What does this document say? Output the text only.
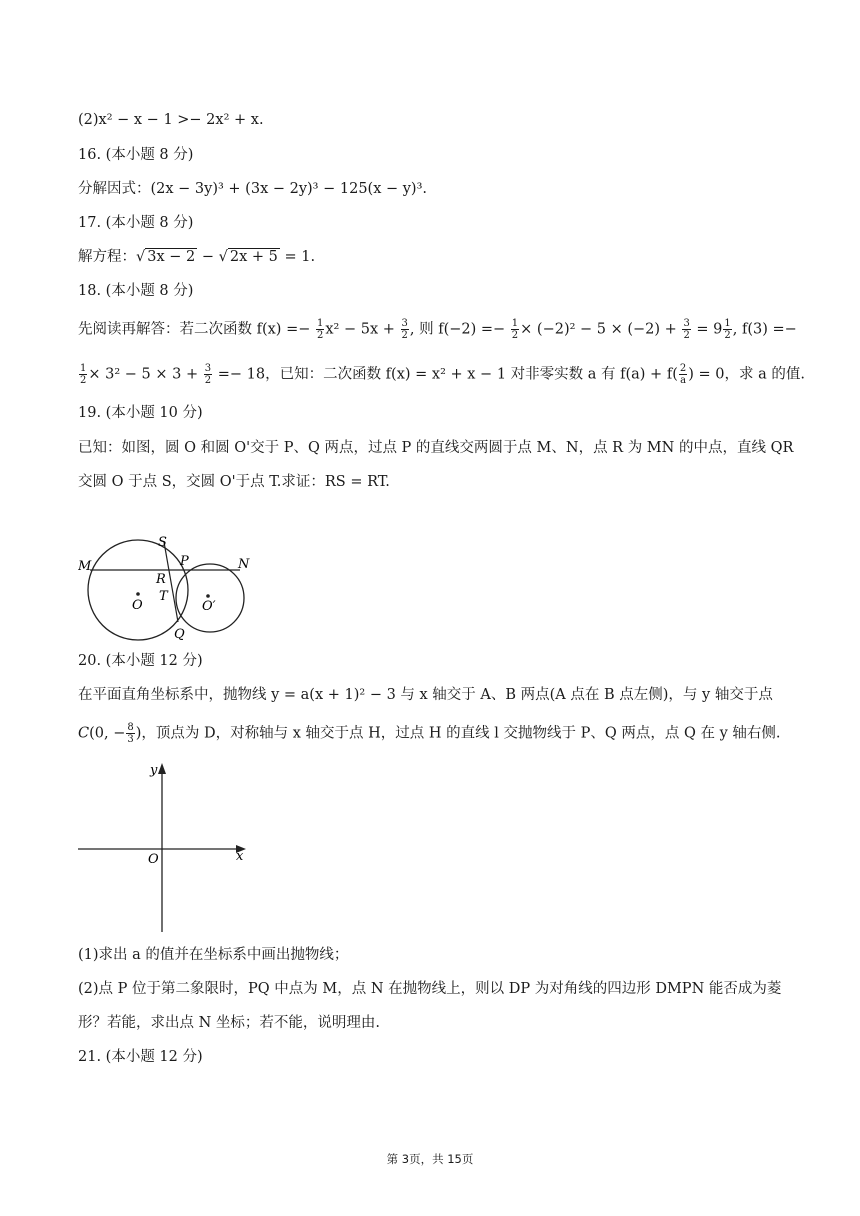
(2)x² − x − 1 >− 2x² + x.
16. (本小题 8 分)
分解因式：(2x − 3y)³ + (3x − 2y)³ − 125(x − y)³.
17. (本小题 8 分)
解方程：√ 3x − 2 − √ 2x + 5 = 1.
18. (本小题 8 分)
先阅读再解答：若二次函数 $f(x) =- \frac{1}{2} x^2 - 5x + \frac{3}{2}$ , 则 $f(-2) =- \frac{1}{2} \times (-2)^2 - 5 \times (-2) + \frac{3}{2} = 9 \frac{1}{2}$ , f(3) =−
$\frac{1}{2} \times 3^2 - 5 \times 3 + \frac{3}{2} =- 18$，已知：二次函数 f(x) = x² + x − 1 对非零实数 a 有 $f(a) + f( \frac{2}{a}$ ) = 0，求 a 的值.
19. (本小题 10 分)
已知：如图，圆 O 和圆 O'交于 P、Q 两点，过点 P 的直线交两圆于点 M、N，点 R 为 MN 的中点，直线 QR
交圆 O 于点 S，交圆 O'于点 T.求证：RS = RT.
M
S
P	N
R
T
O	O′
Q
20. (本小题 12 分)
在平面直角坐标系中，抛物线 y = a(x + 1)² − 3 与 x 轴交于 A、B 两点(A 点在 B 点左侧)，与 y 轴交于点
C(0, − $\frac{8}{3}$ )，顶点为 D，对称轴与 x 轴交于点 H，过点 H 的直线 l 交抛物线于 P、Q 两点，点 Q 在 y 轴右侧.
y
x
O
(1)求出 a 的值并在坐标系中画出抛物线；
(2)点 P 位于第二象限时，PQ 中点为 M，点 N 在抛物线上，则以 DP 为对角线的四边形 DMPN 能否成为菱
形？若能，求出点 N 坐标；若不能，说明理由.
21. (本小题 12 分)
第 3页，共 15页
